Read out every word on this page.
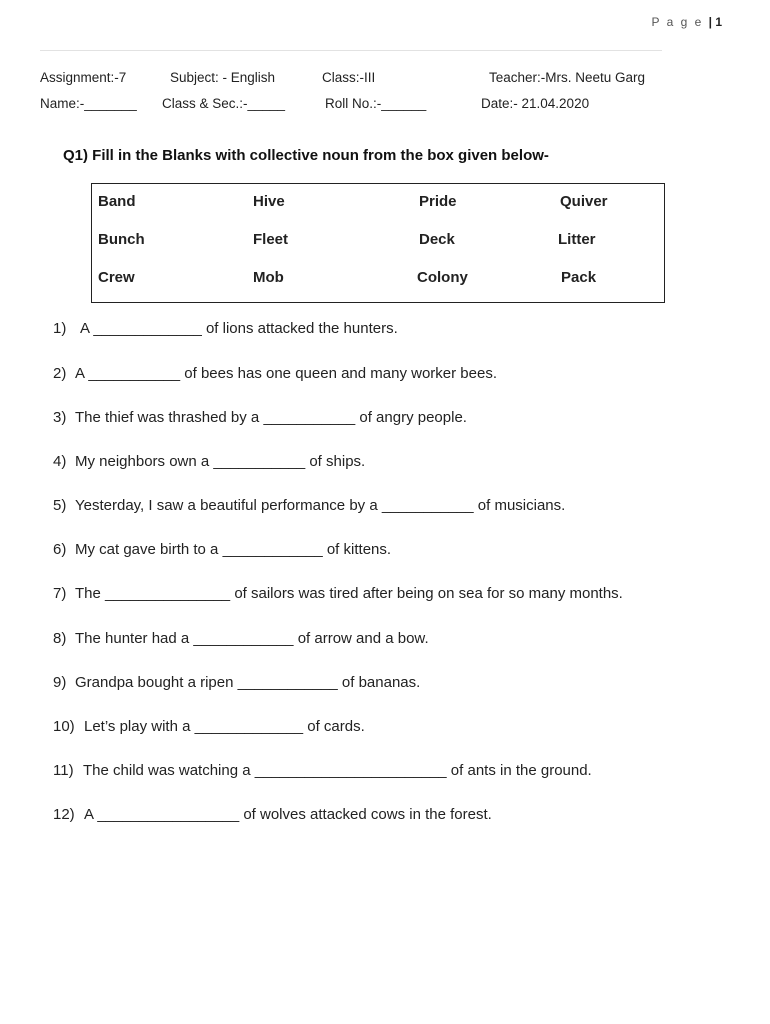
P a g e | 1
Assignment:-7	Subject: - English	Class:-III	Teacher:-Mrs. Neetu Garg
Name:-_______ Class & Sec.:-_____	Roll No.:-______	Date:- 21.04.2020
Q1) Fill in the Blanks with collective noun from the box given below-
Band	Hive	Pride	Quiver
Bunch	Fleet	Deck	Litter
Crew	Mob	Colony	Pack
1) A _____________ of lions attacked the hunters.
2) A ___________ of bees has one queen and many worker bees.
3) The thief was thrashed by a ___________ of angry people.
4) My neighbors own a ___________ of ships.
5) Yesterday, I saw a beautiful performance by a ___________ of musicians.
6) My cat gave birth to a ____________ of kittens.
7) The _______________ of sailors was tired after being on sea for so many months.
8) The hunter had a ____________ of arrow and a bow.
9) Grandpa bought a ripen ____________ of bananas.
10) Let’s play with a _____________ of cards.
11) The child was watching a _______________________ of ants in the ground.
12) A _________________ of wolves attacked cows in the forest.
